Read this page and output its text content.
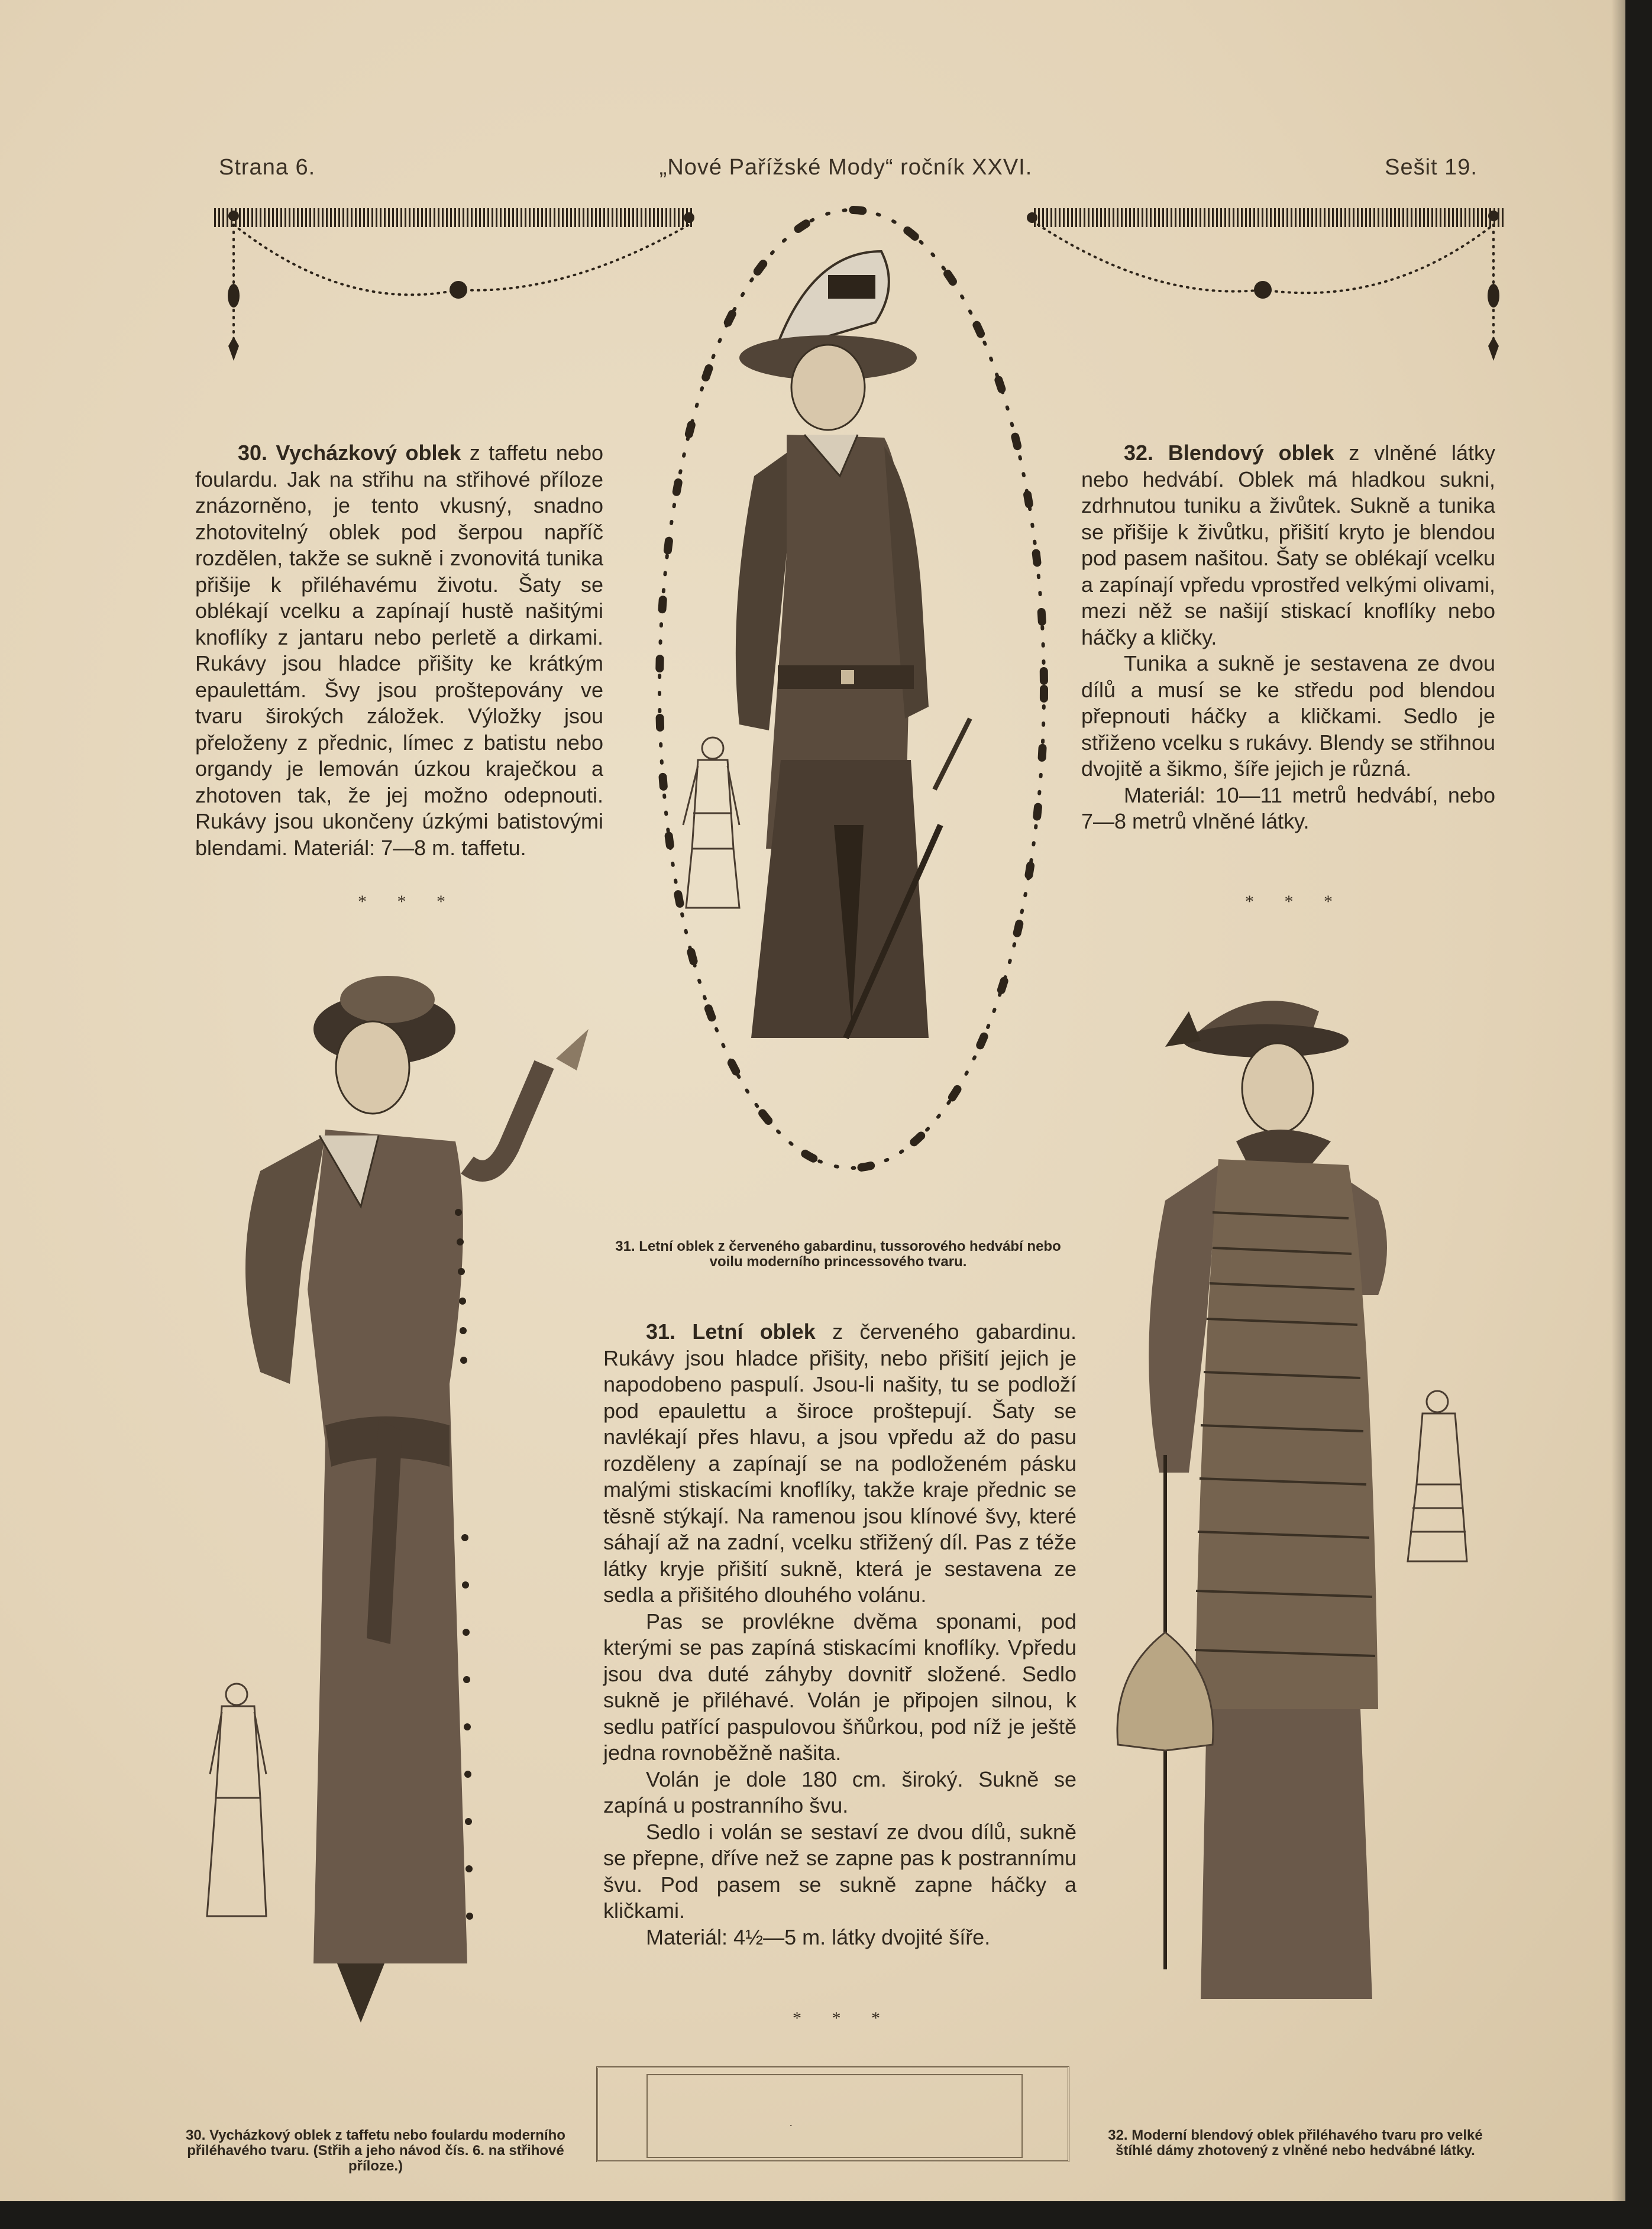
Strana 6.	„Nové Pařížské Mody“ ročník XXVI.	Sešit 19.

30. Vycházkový oblek z taffetu nebo foulardu. Jak na střihu na střihové příloze znázorněno, je tento vkusný, snadno zhotovitelný oblek pod šerpou napříč rozdělen, takže se sukně i zvonovitá tunika přišije k přiléhavému životu. Šaty se oblékají vcelku a zapínají hustě našitými knoflíky z jantaru nebo perletě a dirkami. Rukávy jsou hladce přišity ke krátkým epaulettám. Švy jsou proštepovány ve tvaru širokých záložek. Výložky jsou přeloženy z přednic, límec z batistu nebo organdy je lemován úzkou kraječkou a zhotoven tak, že jej možno odepnouti. Rukávy jsou ukončeny úzkými batistovými blendami. Materiál: 7—8 m. taffetu.

* * *

32. Blendový oblek z vlněné látky nebo hedvábí. Oblek má hladkou sukni, zdrhnutou tuniku a živůtek. Sukně a tunika se přišije k živůtku, přišití kryto je blendou pod pasem našitou. Šaty se oblékají vcelku a zapínají vpředu vprostřed velkými olivami, mezi něž se našijí stiskací knoflíky nebo háčky a kličky.

Tunika a sukně je sestavena ze dvou dílů a musí se ke středu pod blendou přepnouti háčky a kličkami. Sedlo je střiženo vcelku s rukávy. Blendy se střihnou dvojitě a šikmo, šíře jejich je různá.

Materiál: 10—11 metrů hedvábí, nebo 7—8 metrů vlněné látky.

* * *
31. Letní oblek z červeného gabardinu, tussorového hedvábí nebo voilu moderního princessového tvaru.

31. Letní oblek z červeného gabardinu. Rukávy jsou hladce přišity, nebo přišití jejich je napodobeno paspulí. Jsou-li našity, tu se podloží pod epaulettu a široce proštepují. Šaty se navlékají přes hlavu, a jsou vpředu až do pasu rozděleny a zapínají se na podloženém pásku malými stiskacími knoflíky, takže kraje přednic se těsně stýkají. Na ramenou jsou klínové švy, které sáhají až na zadní, vcelku střižený díl. Pas z téže látky kryje přišití sukně, která je sestavena ze sedla a přišitého dlouhého volánu.

Pas se provlékne dvěma sponami, pod kterými se pas zapíná stiskacími knoflíky. Vpředu jsou dva duté záhyby dovnitř složené. Sedlo sukně je přiléhavé. Volán je připojen silnou, k sedlu patřící paspulovou šňůrkou, pod níž je ještě jedna rovnoběžně našita.

Volán je dole 180 cm. široký. Sukně se zapíná u postranního švu.

Sedlo i volán se sestaví ze dvou dílů, sukně se přepne, dříve než se zapne pas k postrannímu švu. Pod pasem se sukně zapne háčky a kličkami.

Materiál: 4½—5 m. látky dvojité šíře.

* * *
30. Vycházkový oblek z taffetu nebo foulardu moderního přiléhavého tvaru. (Střih a jeho návod čís. 6. na střihové příloze.)
32. Moderní blendový oblek přiléhavého tvaru pro velké štíhlé dámy zhotovený z vlněné nebo hedvábné látky.
.
